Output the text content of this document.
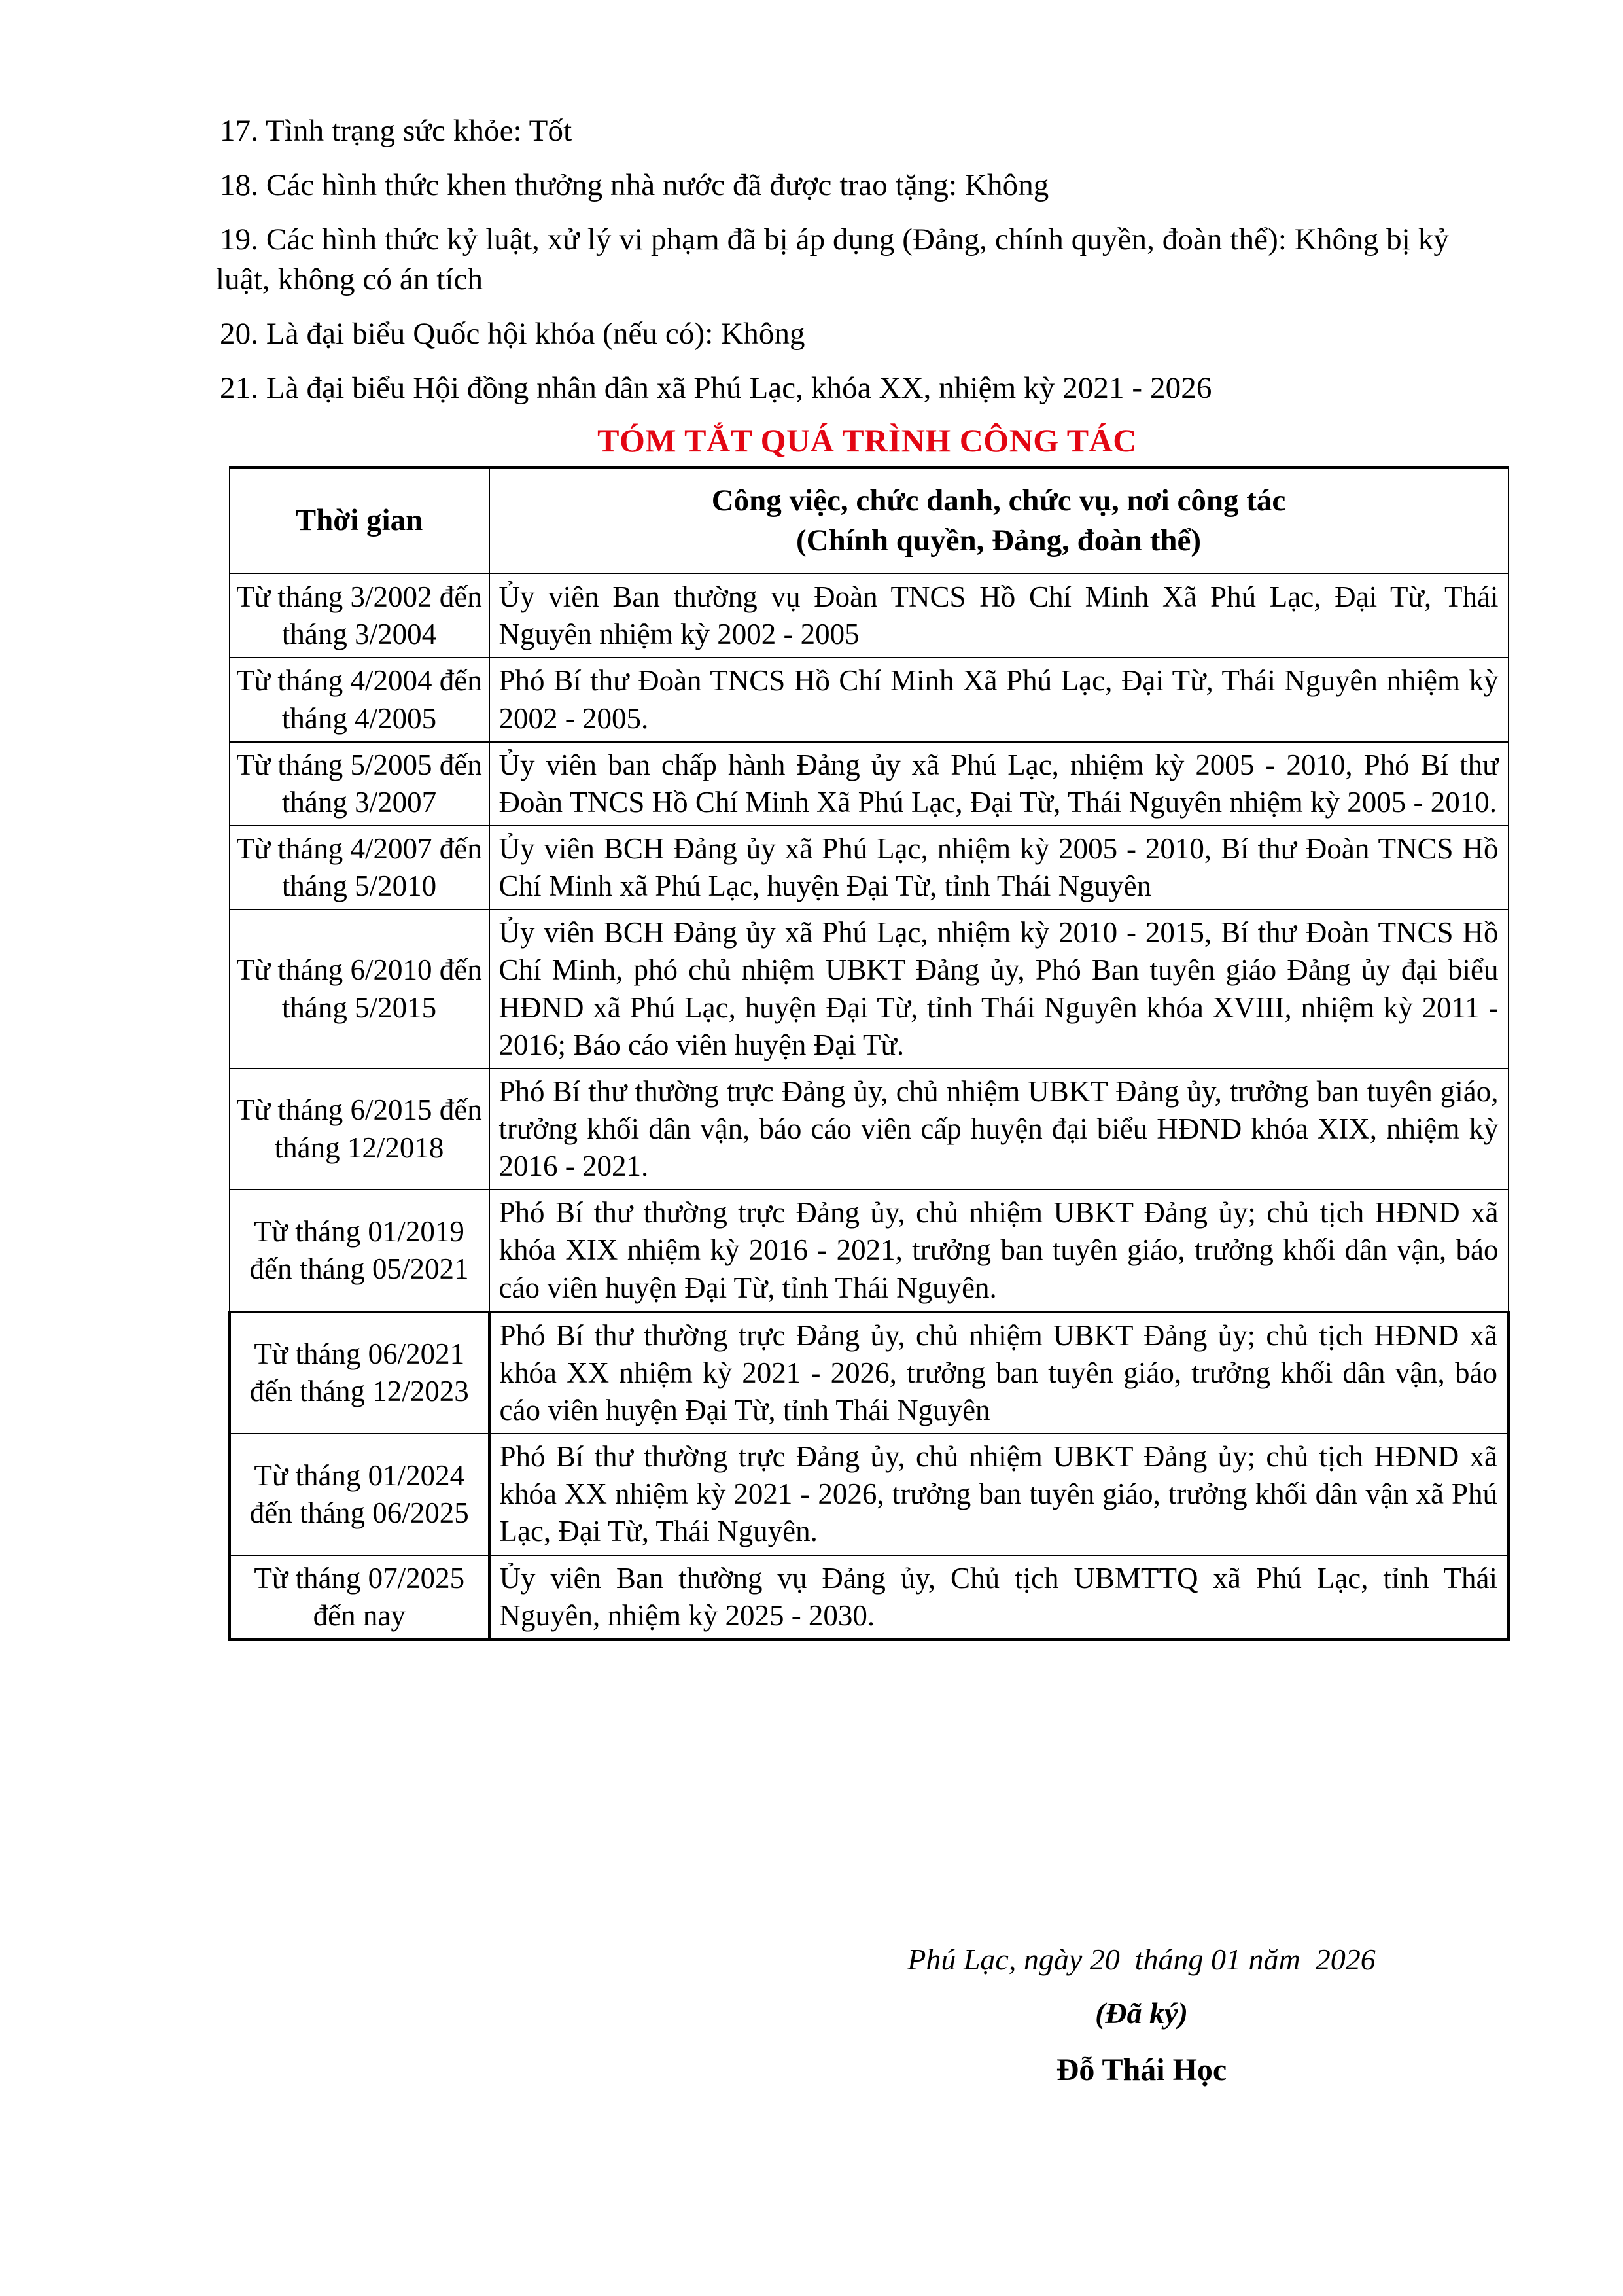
17. Tình trạng sức khỏe: Tốt

18. Các hình thức khen thưởng nhà nước đã được trao tặng: Không

19. Các hình thức kỷ luật, xử lý vi phạm đã bị áp dụng (Đảng, chính quyền, đoàn thể): Không bị kỷ luật, không có án tích

20. Là đại biểu Quốc hội khóa (nếu có): Không

21. Là đại biểu Hội đồng nhân dân xã Phú Lạc, khóa XX, nhiệm kỳ 2021 - 2026

TÓM TẮT QUÁ TRÌNH CÔNG TÁC
Thời gian	Công việc, chức danh, chức vụ, nơi công tác
(Chính quyền, Đảng, đoàn thể)

Từ tháng 3/2002 đến tháng 3/2004	Ủy viên Ban thường vụ Đoàn TNCS Hồ Chí Minh Xã Phú Lạc, Đại Từ, Thái Nguyên nhiệm kỳ 2002 - 2005
Từ tháng 4/2004 đến tháng 4/2005	Phó Bí thư Đoàn TNCS Hồ Chí Minh Xã Phú Lạc, Đại Từ, Thái Nguyên nhiệm kỳ 2002 - 2005.
Từ tháng 5/2005 đến tháng 3/2007	Ủy viên ban chấp hành Đảng ủy xã Phú Lạc, nhiệm kỳ 2005 - 2010, Phó Bí thư Đoàn TNCS Hồ Chí Minh Xã Phú Lạc, Đại Từ, Thái Nguyên nhiệm kỳ 2005 - 2010.
Từ tháng 4/2007 đến tháng 5/2010	Ủy viên BCH Đảng ủy xã Phú Lạc, nhiệm kỳ 2005 - 2010, Bí thư Đoàn TNCS Hồ Chí Minh xã Phú Lạc, huyện Đại Từ, tỉnh Thái Nguyên
Từ tháng 6/2010 đến tháng 5/2015	Ủy viên BCH Đảng ủy xã Phú Lạc, nhiệm kỳ 2010 - 2015, Bí thư Đoàn TNCS Hồ Chí Minh, phó chủ nhiệm UBKT Đảng ủy, Phó Ban tuyên giáo Đảng ủy đại biểu HĐND xã Phú Lạc, huyện Đại Từ, tỉnh Thái Nguyên khóa XVIII, nhiệm kỳ 2011 - 2016; Báo cáo viên huyện Đại Từ.
Từ tháng 6/2015 đến tháng 12/2018	Phó Bí thư thường trực Đảng ủy, chủ nhiệm UBKT Đảng ủy, trưởng ban tuyên giáo, trưởng khối dân vận, báo cáo viên cấp huyện đại biểu HĐND khóa XIX, nhiệm kỳ 2016 - 2021.
Từ tháng 01/2019 đến tháng 05/2021	Phó Bí thư thường trực Đảng ủy, chủ nhiệm UBKT Đảng ủy; chủ tịch HĐND xã khóa XIX nhiệm kỳ 2016 - 2021, trưởng ban tuyên giáo, trưởng khối dân vận, báo cáo viên huyện Đại Từ, tỉnh Thái Nguyên.
Từ tháng 06/2021 đến tháng 12/2023	Phó Bí thư thường trực Đảng ủy, chủ nhiệm UBKT Đảng ủy; chủ tịch HĐND xã khóa XX nhiệm kỳ 2021 - 2026, trưởng ban tuyên giáo, trưởng khối dân vận, báo cáo viên huyện Đại Từ, tỉnh Thái Nguyên
Từ tháng 01/2024 đến tháng 06/2025	Phó Bí thư thường trực Đảng ủy, chủ nhiệm UBKT Đảng ủy; chủ tịch HĐND xã khóa XX nhiệm kỳ 2021 - 2026, trưởng ban tuyên giáo, trưởng khối dân vận xã Phú Lạc, Đại Từ, Thái Nguyên.
Từ tháng 07/2025 đến nay	Ủy viên Ban thường vụ Đảng ủy, Chủ tịch UBMTTQ xã Phú Lạc, tỉnh Thái Nguyên, nhiệm kỳ 2025 - 2030.
Phú Lạc, ngày 20  tháng 01 năm  2026
(Đã ký)
Đỗ Thái Học
